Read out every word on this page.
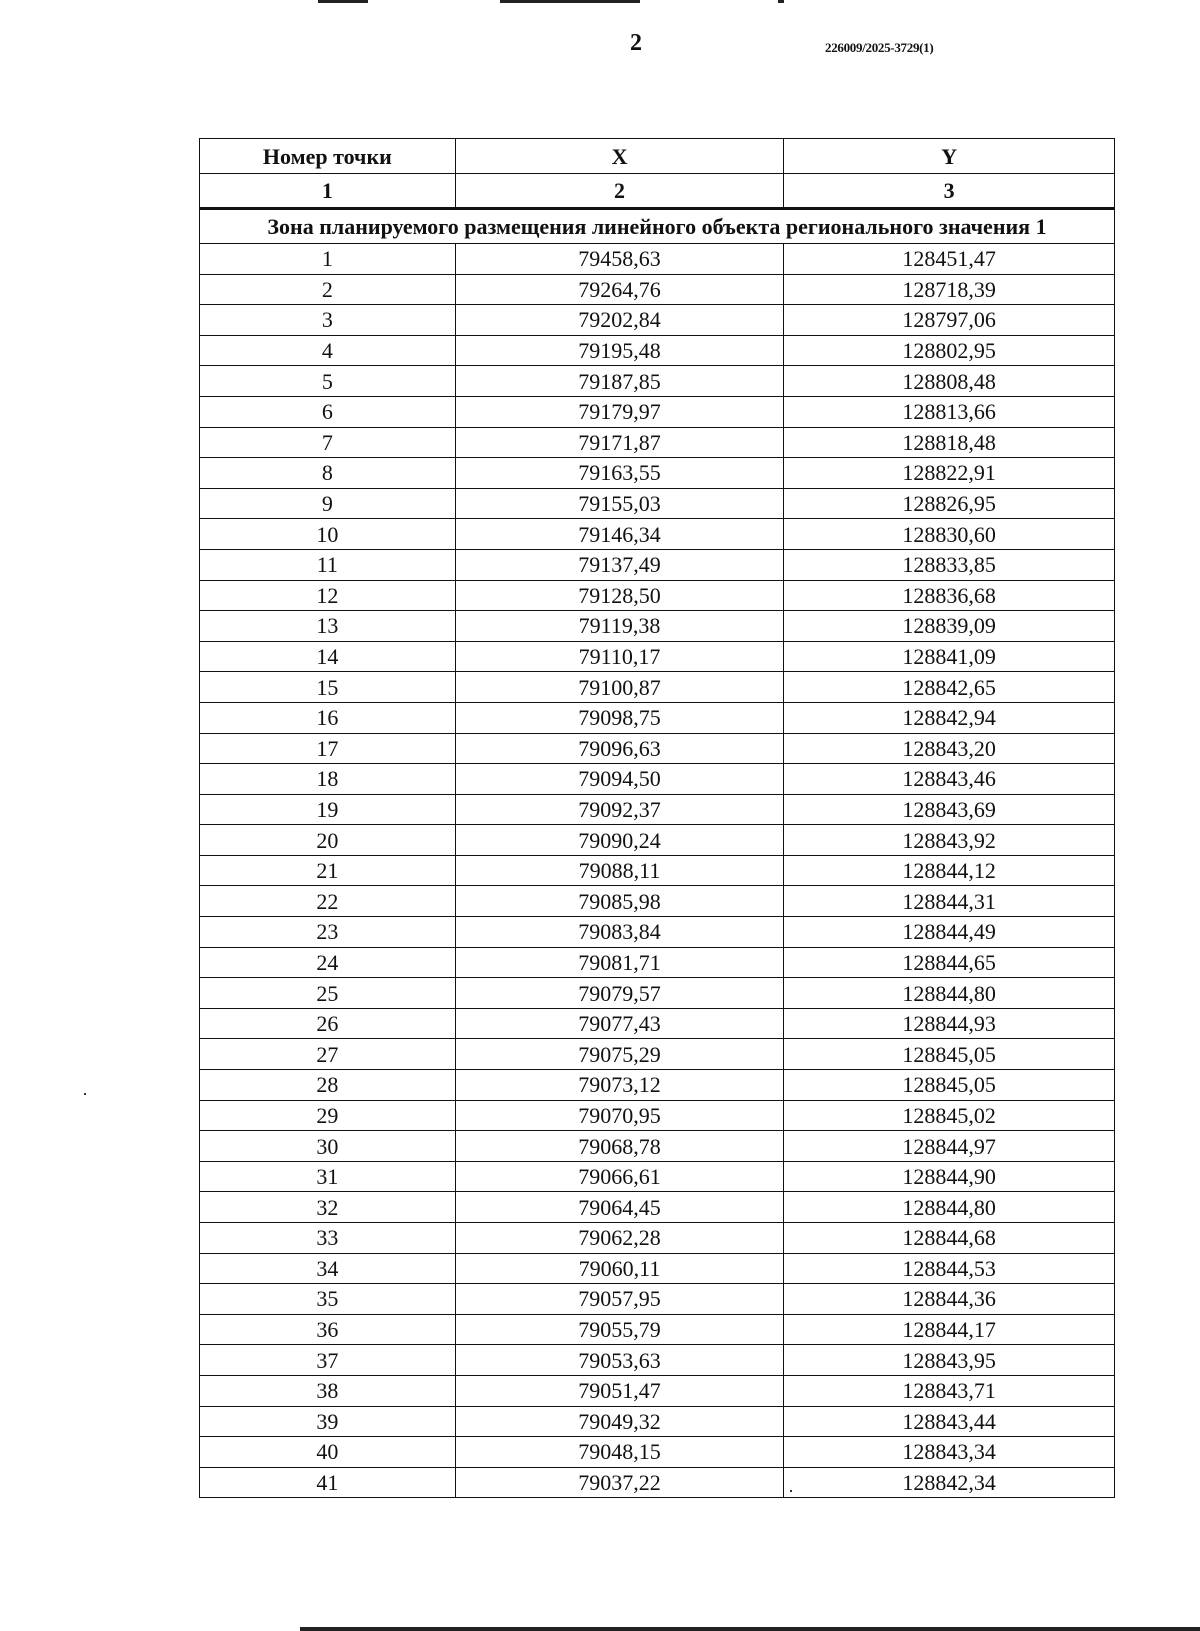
2	226009/2025-3729(1)
Номер точки	X	Y
1	2	3
Зона планируемого размещения линейного объекта регионального значения 1		
1	79458,63	128451,47
2	79264,76	128718,39
3	79202,84	128797,06
4	79195,48	128802,95
5	79187,85	128808,48
6	79179,97	128813,66
7	79171,87	128818,48
8	79163,55	128822,91
9	79155,03	128826,95
10	79146,34	128830,60
11	79137,49	128833,85
12	79128,50	128836,68
13	79119,38	128839,09
14	79110,17	128841,09
15	79100,87	128842,65
16	79098,75	128842,94
17	79096,63	128843,20
18	79094,50	128843,46
19	79092,37	128843,69
20	79090,24	128843,92
21	79088,11	128844,12
22	79085,98	128844,31
23	79083,84	128844,49
24	79081,71	128844,65
25	79079,57	128844,80
26	79077,43	128844,93
27	79075,29	128845,05
28	79073,12	128845,05
29	79070,95	128845,02
30	79068,78	128844,97
31	79066,61	128844,90
32	79064,45	128844,80
33	79062,28	128844,68
34	79060,11	128844,53
35	79057,95	128844,36
36	79055,79	128844,17
37	79053,63	128843,95
38	79051,47	128843,71
39	79049,32	128843,44
40	79048,15	128843,34
41	79037,22	128842,34
